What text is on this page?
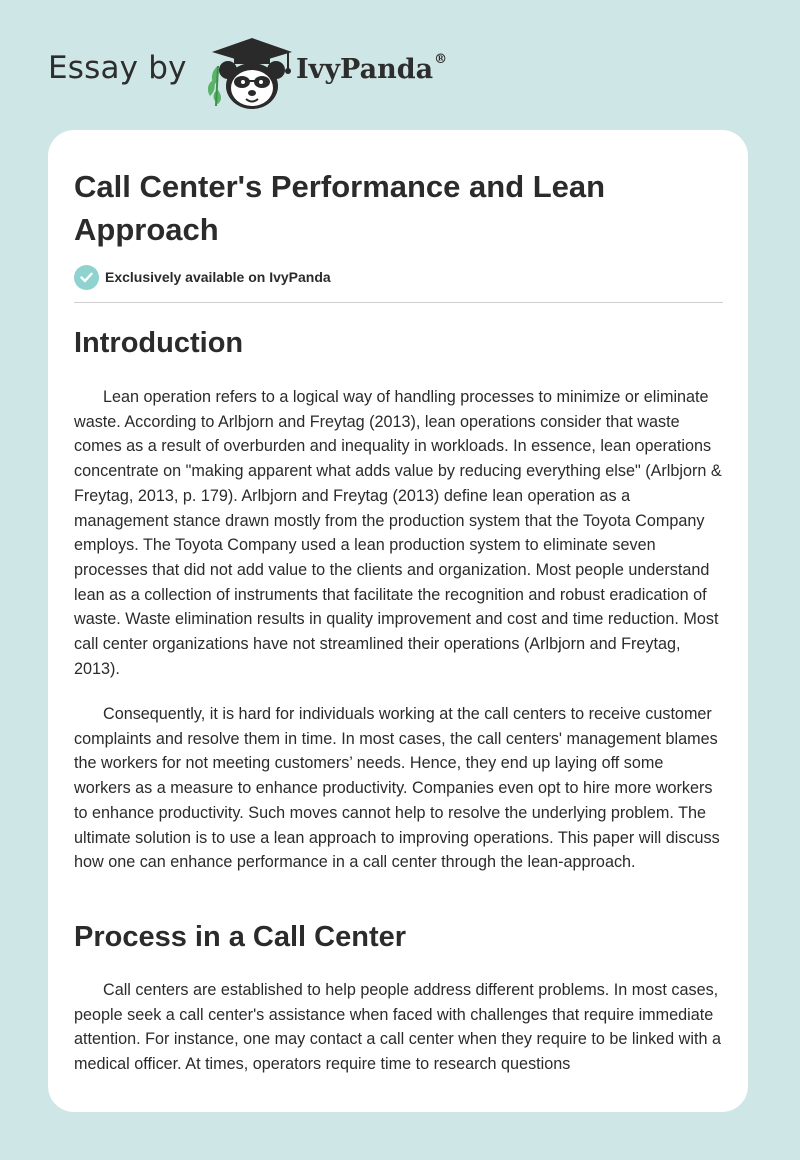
Essay by	IvyPanda®
Call Center's Performance and Lean Approach
Exclusively available on IvyPanda
Introduction

Lean operation refers to a logical way of handling processes to minimize or eliminate waste. According to Arlbjorn and Freytag (2013), lean operations consider that waste comes as a result of overburden and inequality in workloads. In essence, lean operations concentrate on "making apparent what adds value by reducing everything else" (Arlbjorn & Freytag, 2013, p. 179). Arlbjorn and Freytag (2013) define lean operation as a management stance drawn mostly from the production system that the Toyota Company employs. The Toyota Company used a lean production system to eliminate seven processes that did not add value to the clients and organization. Most people understand lean as a collection of instruments that facilitate the recognition and robust eradication of waste. Waste elimination results in quality improvement and cost and time reduction. Most call center organizations have not streamlined their operations (Arlbjorn and Freytag, 2013).

Consequently, it is hard for individuals working at the call centers to receive customer complaints and resolve them in time. In most cases, the call centers' management blames the workers for not meeting customers’ needs. Hence, they end up laying off some workers as a measure to enhance productivity. Companies even opt to hire more workers to enhance productivity. Such moves cannot help to resolve the underlying problem. The ultimate solution is to use a lean approach to improving operations. This paper will discuss how one can enhance performance in a call center through the lean-approach.

Process in a Call Center

Call centers are established to help people address different problems. In most cases, people seek a call center's assistance when faced with challenges that require immediate attention. For instance, one may contact a call center when they require to be linked with a medical officer. At times, operators require time to research questions
